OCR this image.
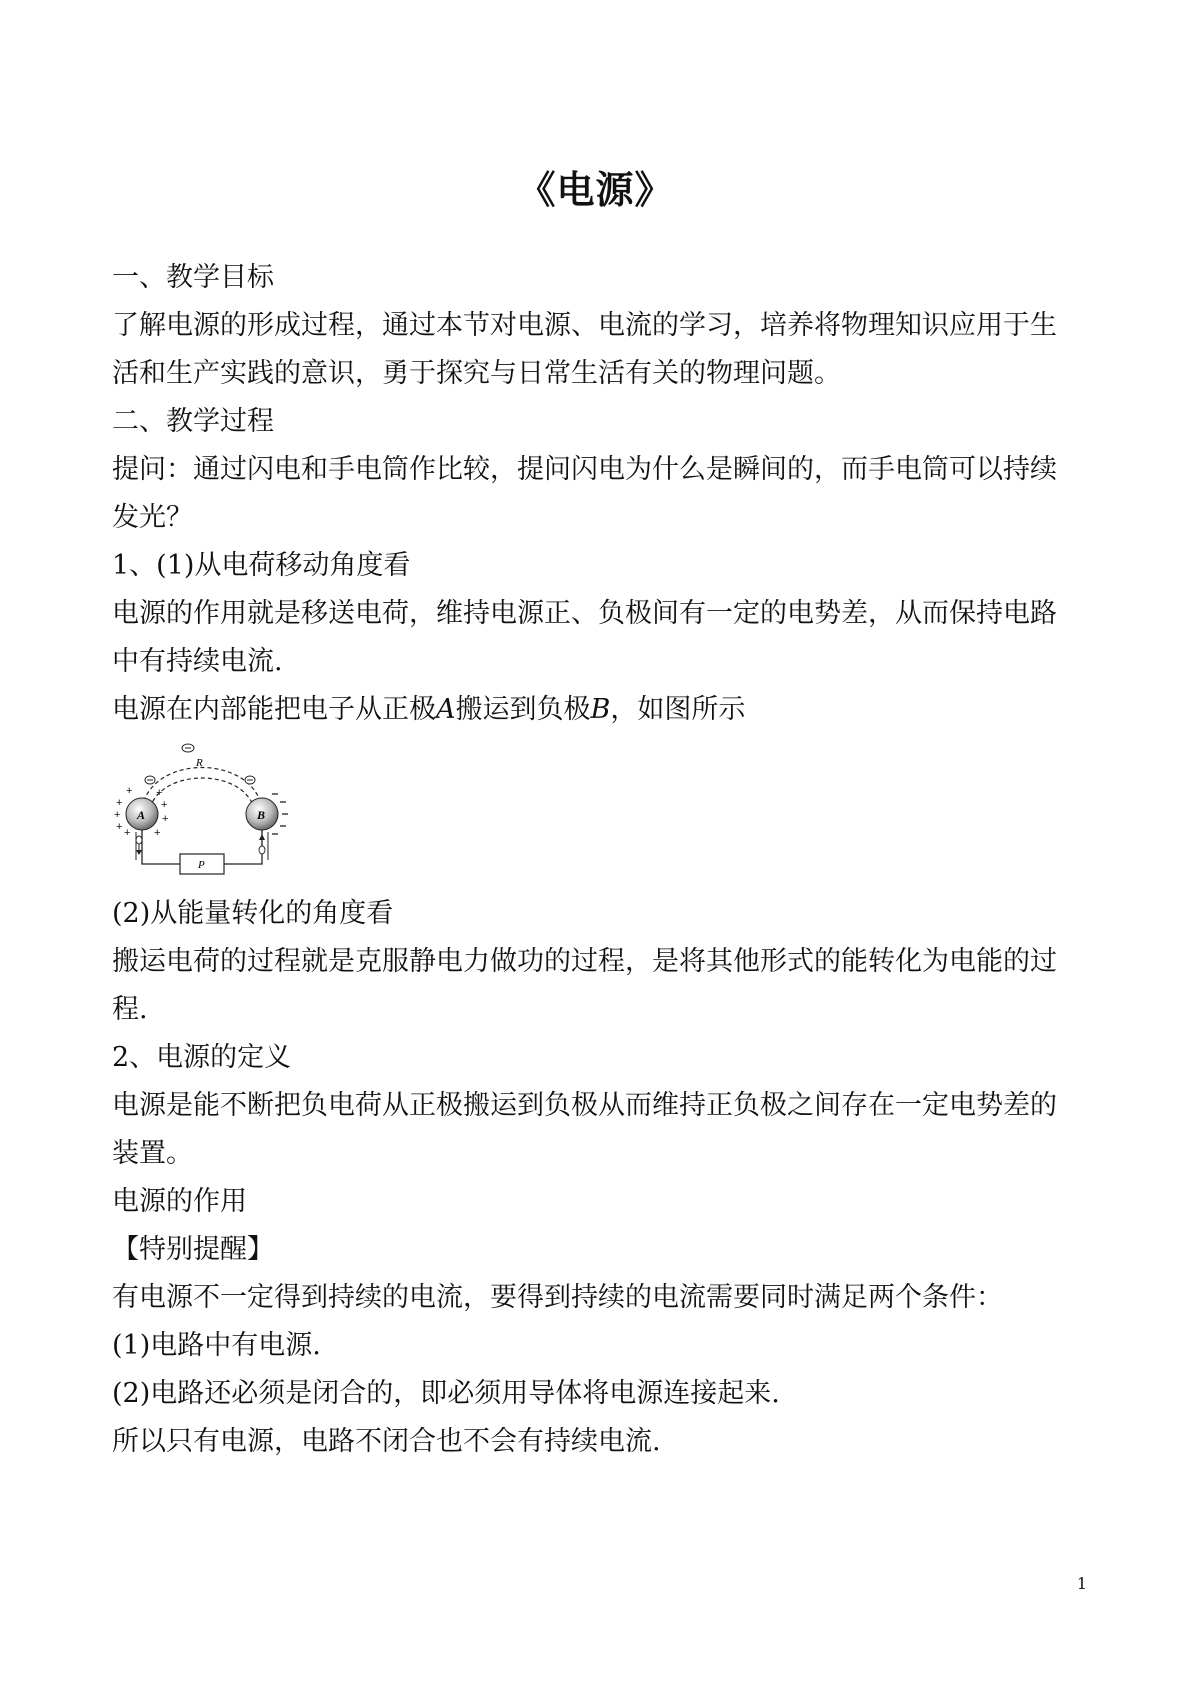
《电源》

一、教学目标

了解电源的形成过程，通过本节对电源、电流的学习，培养将物理知识应用于生 活和生产实践的意识，勇于探究与日常生活有关的物理问题。

二、教学过程

提问：通过闪电和手电筒作比较，提问闪电为什么是瞬间的，而手电筒可以持续发光？

1、(1)从电荷移动角度看

电源的作用就是移送电荷，维持电源正、负极间有一定的电势差，从而保持电路中有持续电流.

电源在内部能把电子从正极A搬运到负极B，如图所示

R
A
+
+
+
+ +
+
+
+
+
B
P

(2)从能量转化的角度看

搬运电荷的过程就是克服静电力做功的过程，是将其他形式的能转化为电能的过程.

2、电源的定义

电源是能不断把负电荷从正极搬运到负极从而维持正负极之间存在一定电势差的装置。

电源的作用

【特别提醒】

有电源不一定得到持续的电流，要得到持续的电流需要同时满足两个条件：

(1)电路中有电源.

(2)电路还必须是闭合的，即必须用导体将电源连接起来.

所以只有电源，电路不闭合也不会有持续电流.

1
